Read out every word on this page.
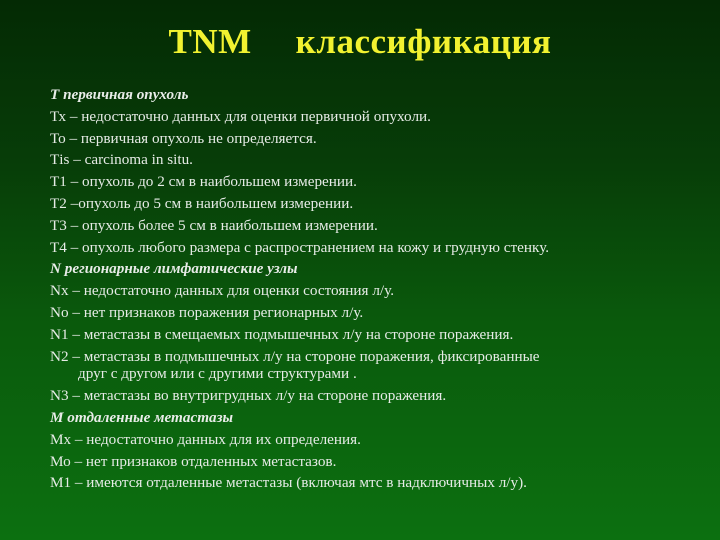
TNM классификация
Т первичная опухоль
Тх – недостаточно данных для оценки первичной опухоли.
То – первичная опухоль не определяется.
Тis – carcinoma in situ.
Т1 – опухоль до 2 см в наибольшем измерении.
Т2 –опухоль до 5 см в наибольшем измерении.
Т3 – опухоль более 5 см в наибольшем измерении.
Т4 – опухоль любого размера с распространением на кожу и грудную стенку.
N регионарные лимфатические узлы
Nх – недостаточно данных для оценки состояния л/у.
Nо – нет признаков поражения регионарных л/у.
N1 – метастазы в смещаемых подмышечных л/у на стороне поражения.
N2 – метастазы в подмышечных л/у на стороне поражения, фиксированные
друг с другом или с другими структурами .
N3 – метастазы во внутригрудных л/у на стороне поражения.
М отдаленные метастазы
Мх – недостаточно данных для их определения.
Мо – нет признаков отдаленных метастазов.
М1 – имеются отдаленные метастазы (включая мтс в надключичных л/у).
